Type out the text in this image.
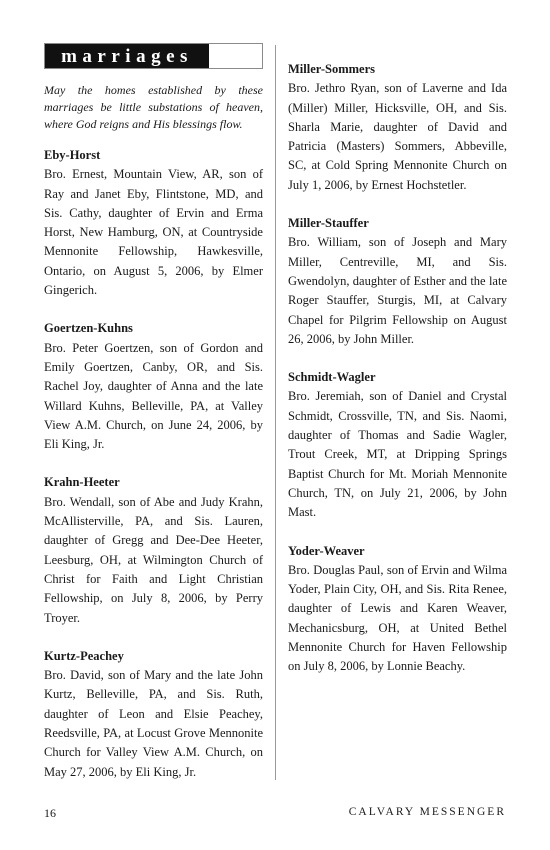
marriages

May the homes established by these marriages be little substations of heaven, where God reigns and His blessings flow.

Eby-Horst

Bro. Ernest, Mountain View, AR, son of Ray and Janet Eby, Flintstone, MD, and Sis. Cathy, daughter of Ervin and Erma Horst, New Hamburg, ON, at Countryside Mennonite Fellowship, Hawkesville, Ontario, on August 5, 2006, by Elmer Gingerich.

Goertzen-Kuhns

Bro. Peter Goertzen, son of Gordon and Emily Goertzen, Canby, OR, and Sis. Rachel Joy, daughter of Anna and the late Willard Kuhns, Belleville, PA, at Valley View A.M. Church, on June 24, 2006, by Eli King, Jr.

Krahn-Heeter

Bro. Wendall, son of Abe and Judy Krahn, McAllisterville, PA, and Sis. Lauren, daughter of Gregg and Dee-Dee Heeter, Leesburg, OH, at Wilmington Church of Christ for Faith and Light Christian Fellowship, on July 8, 2006, by Perry Troyer.

Kurtz-Peachey

Bro. David, son of Mary and the late John Kurtz, Belleville, PA, and Sis. Ruth, daughter of Leon and Elsie Peachey, Reedsville, PA, at Locust Grove Mennonite Church for Valley View A.M. Church, on May 27, 2006, by Eli King, Jr.

Miller-Sommers

Bro. Jethro Ryan, son of Laverne and Ida (Miller) Miller, Hicksville, OH, and Sis. Sharla Marie, daughter of David and Patricia (Masters) Sommers, Abbeville, SC, at Cold Spring Mennonite Church on July 1, 2006, by Ernest Hochstetler.

Miller-Stauffer

Bro. William, son of Joseph and Mary Miller, Centreville, MI, and Sis. Gwendolyn, daughter of Esther and the late Roger Stauffer, Sturgis, MI, at Calvary Chapel for Pilgrim Fellowship on August 26, 2006, by John Miller.

Schmidt-Wagler

Bro. Jeremiah, son of Daniel and Crystal Schmidt, Crossville, TN, and Sis. Naomi, daughter of Thomas and Sadie Wagler, Trout Creek, MT, at Dripping Springs Baptist Church for Mt. Moriah Mennonite Church, TN, on July 21, 2006, by John Mast.

Yoder-Weaver

Bro. Douglas Paul, son of Ervin and Wilma Yoder, Plain City, OH, and Sis. Rita Renee, daughter of Lewis and Karen Weaver, Mechanicsburg, OH, at United Bethel Mennonite Church for Haven Fellowship on July 8, 2006, by Lonnie Beachy.

16	CALVARY MESSENGER
